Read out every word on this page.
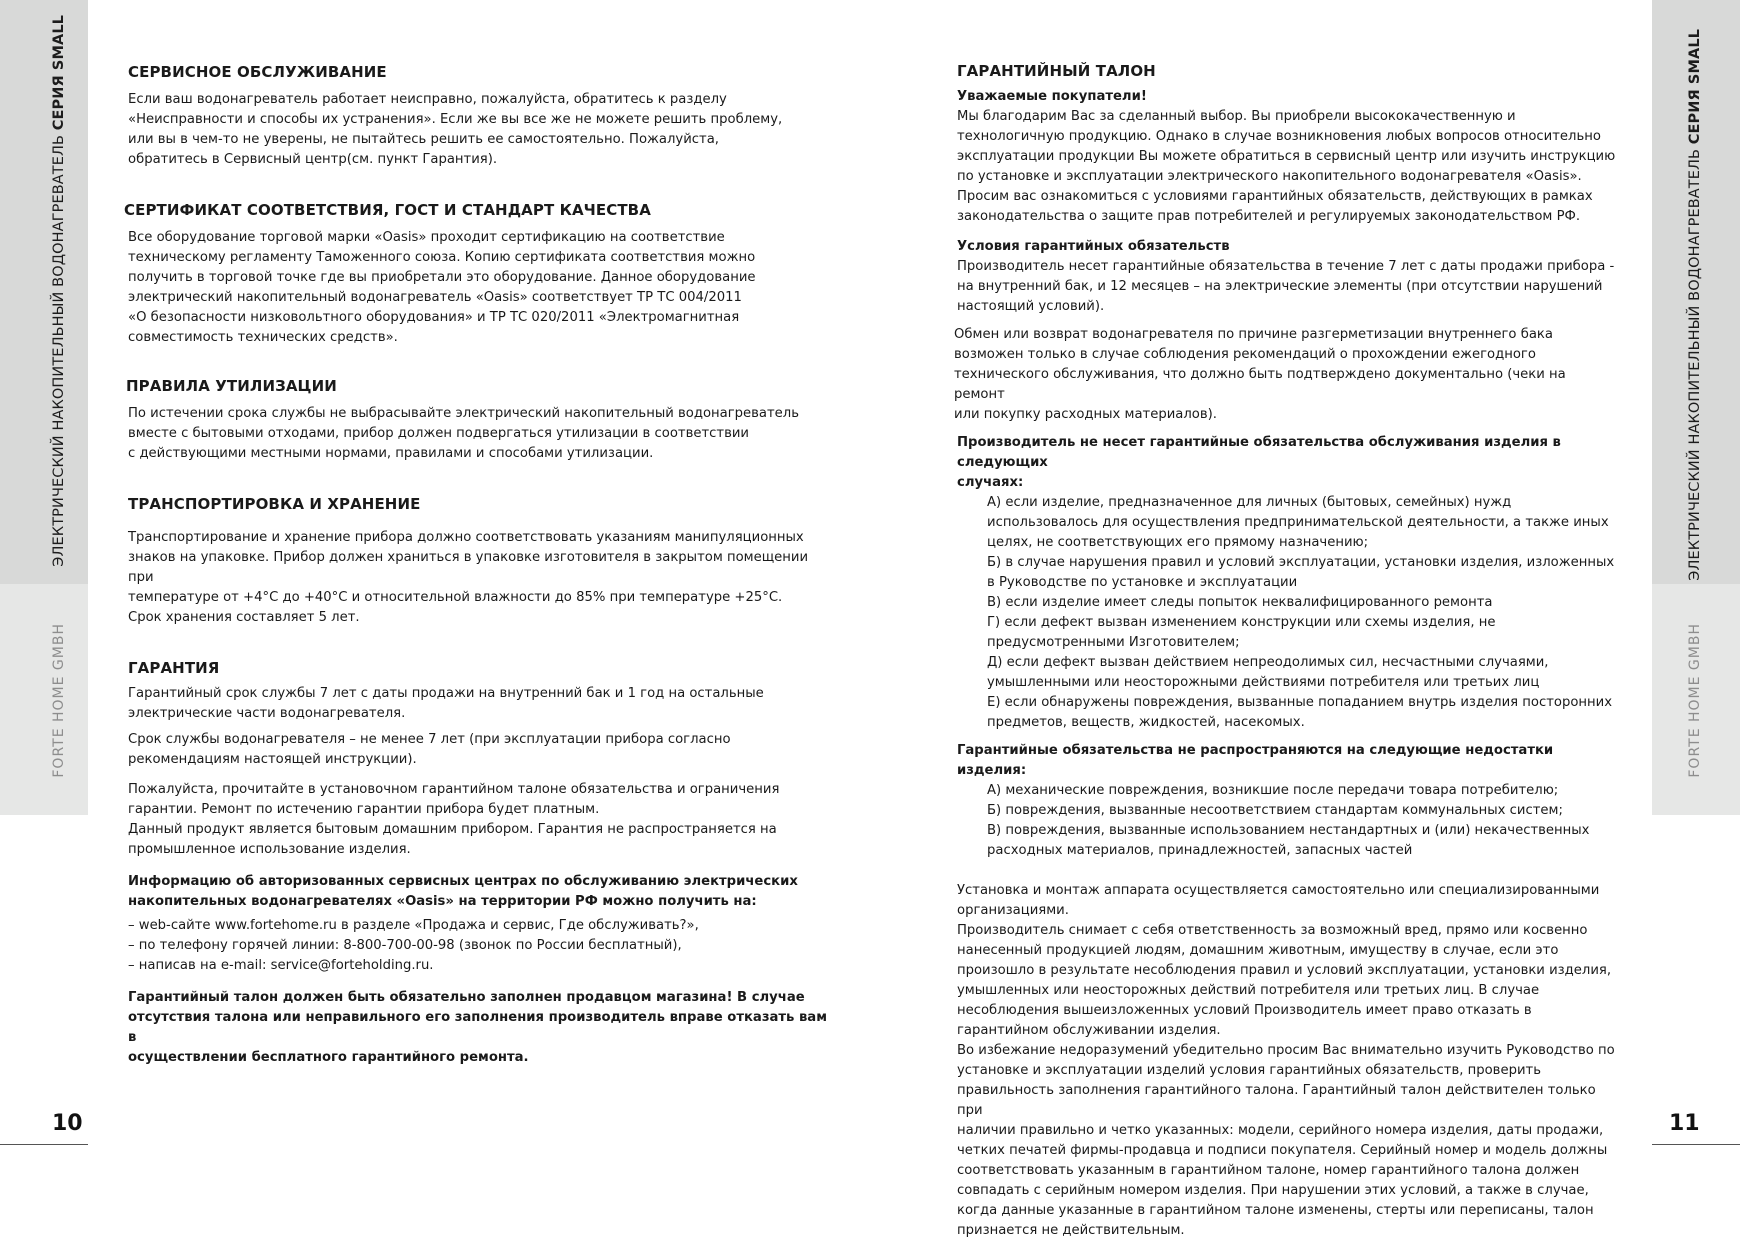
ЭЛЕКТРИЧЕСКИЙ НАКОПИТЕЛЬНЫЙ ВОДОНАГРЕВАТЕЛЬ СЕРИЯ SMALL
FORTE HOME GMBH
10
ЭЛЕКТРИЧЕСКИЙ НАКОПИТЕЛЬНЫЙ ВОДОНАГРЕВАТЕЛЬ СЕРИЯ SMALL
FORTE HOME GMBH
11
СЕРВИСНОЕ ОБСЛУЖИВАНИЕ

Если ваш водонагреватель работает неисправно, пожалуйста, обратитесь к разделу

«Неисправности и способы их устранения». Если же вы все же не можете решить проблему,

или вы в чем-то не уверены, не пытайтесь решить ее самостоятельно. Пожалуйста,

обратитесь в Сервисный центр(см. пункт Гарантия).

СЕРТИФИКАТ СООТВЕТСТВИЯ, ГОСТ И СТАНДАРТ КАЧЕСТВА

Все оборудование торговой марки «Oasis» проходит сертификацию на соответствие

техническому регламенту Таможенного союза. Копию сертификата соответствия можно

получить в торговой точке где вы приобретали это оборудование. Данное оборудование

электрический накопительный водонагреватель «Oasis» соответствует ТР ТС 004/2011

«О безопасности низковольтного оборудования» и ТР ТС 020/2011 «Электромагнитная

совместимость технических средств».

ПРАВИЛА УТИЛИЗАЦИИ

По истечении срока службы не выбрасывайте электрический накопительный водонагреватель

вместе с бытовыми отходами, прибор должен подвергаться утилизации в соответствии

с действующими местными нормами, правилами и способами утилизации.

ТРАНСПОРТИРОВКА И ХРАНЕНИЕ

Транспортирование и хранение прибора должно соответствовать указаниям манипуляционных

знаков на упаковке. Прибор должен храниться в упаковке изготовителя в закрытом помещении при

температуре от +4°С до +40°С и относительной влажности до 85% при температуре +25°С.

Срок хранения составляет 5 лет.

ГАРАНТИЯ

Гарантийный срок службы 7 лет с даты продажи на внутренний бак и 1 год на остальные

электрические части водонагревателя.

Срок службы водонагревателя – не менее 7 лет (при эксплуатации прибора согласно

рекомендациям настоящей инструкции).

Пожалуйста, прочитайте в установочном гарантийном талоне обязательства и ограничения

гарантии. Ремонт по истечению гарантии прибора будет платным.

Данный продукт является бытовым домашним прибором. Гарантия не распространяется на

промышленное использование изделия.

Информацию об авторизованных сервисных центрах по обслуживанию электрических

накопительных водонагревателях «Oasis» на территории РФ можно получить на:

– web-сайте www.fortehome.ru в разделе «Продажа и сервис, Где обслуживать?»,

– по телефону горячей линии: 8-800-700-00-98 (звонок по России бесплатный),

– написав на e-mail: service@forteholding.ru.

Гарантийный талон должен быть обязательно заполнен продавцом магазина! В случае

отсутствия талона или неправильного его заполнения производитель вправе отказать вам в

осуществлении бесплатного гарантийного ремонта.

ГАРАНТИЙНЫЙ ТАЛОН

Уважаемые покупатели!

Мы благодарим Вас за сделанный выбор. Вы приобрели высококачественную и

технологичную продукцию. Однако в случае возникновения любых вопросов относительно

эксплуатации продукции Вы можете обратиться в сервисный центр или изучить инструкцию

по установке и эксплуатации электрического накопительного водонагревателя «Oasis».

Просим вас ознакомиться с условиями гарантийных обязательств, действующих в рамках

законодательства о защите прав потребителей и регулируемых законодательством РФ.

Условия гарантийных обязательств

Производитель несет гарантийные обязательства в течение 7 лет с даты продажи прибора -

на внутренний бак, и 12 месяцев – на электрические элементы (при отсутствии нарушений

настоящий условий).

Обмен или возврат водонагревателя по причине разгерметизации внутреннего бака

возможен только в случае соблюдения рекомендаций о прохождении ежегодного

технического обслуживания, что должно быть подтверждено документально (чеки на ремонт

или покупку расходных материалов).

Производитель не несет гарантийные обязательства обслуживания изделия в следующих

случаях:

А) если изделие, предназначенное для личных (бытовых, семейных) нужд

использовалось для осуществления предпринимательской деятельности, а также иных

целях, не соответствующих его прямому назначению;

Б) в случае нарушения правил и условий эксплуатации, установки изделия, изложенных

в Руководстве по установке и эксплуатации

В) если изделие имеет следы попыток неквалифицированного ремонта

Г) если дефект вызван изменением конструкции или схемы изделия, не

предусмотренными Изготовителем;

Д) если дефект вызван действием непреодолимых сил, несчастными случаями,

умышленными или неосторожными действиями потребителя или третьих лиц

Е) если обнаружены повреждения, вызванные попаданием внутрь изделия посторонних

предметов, веществ, жидкостей, насекомых.

Гарантийные обязательства не распространяются на следующие недостатки изделия:

А) механические повреждения, возникшие после передачи товара потребителю;

Б) повреждения, вызванные несоответствием стандартам коммунальных систем;

В) повреждения, вызванные использованием нестандартных и (или) некачественных

расходных материалов, принадлежностей, запасных частей

Установка и монтаж аппарата осуществляется самостоятельно или специализированными

организациями.

Производитель снимает с себя ответственность за возможный вред, прямо или косвенно

нанесенный продукцией людям, домашним животным, имуществу в случае, если это

произошло в результате несоблюдения правил и условий эксплуатации, установки изделия,

умышленных или неосторожных действий потребителя или третьих лиц. В случае

несоблюдения вышеизложенных условий Производитель имеет право отказать в

гарантийном обслуживании изделия.

Во избежание недоразумений убедительно просим Вас внимательно изучить Руководство по

установке и эксплуатации изделий условия гарантийных обязательств, проверить

правильность заполнения гарантийного талона. Гарантийный талон действителен только при

наличии правильно и четко указанных: модели, серийного номера изделия, даты продажи,

четких печатей фирмы-продавца и подписи покупателя. Серийный номер и модель должны

соответствовать указанным в гарантийном талоне, номер гарантийного талона должен

совпадать с серийным номером изделия. При нарушении этих условий, а также в случае,

когда данные указанные в гарантийном талоне изменены, стерты или переписаны, талон

признается не действительным.
